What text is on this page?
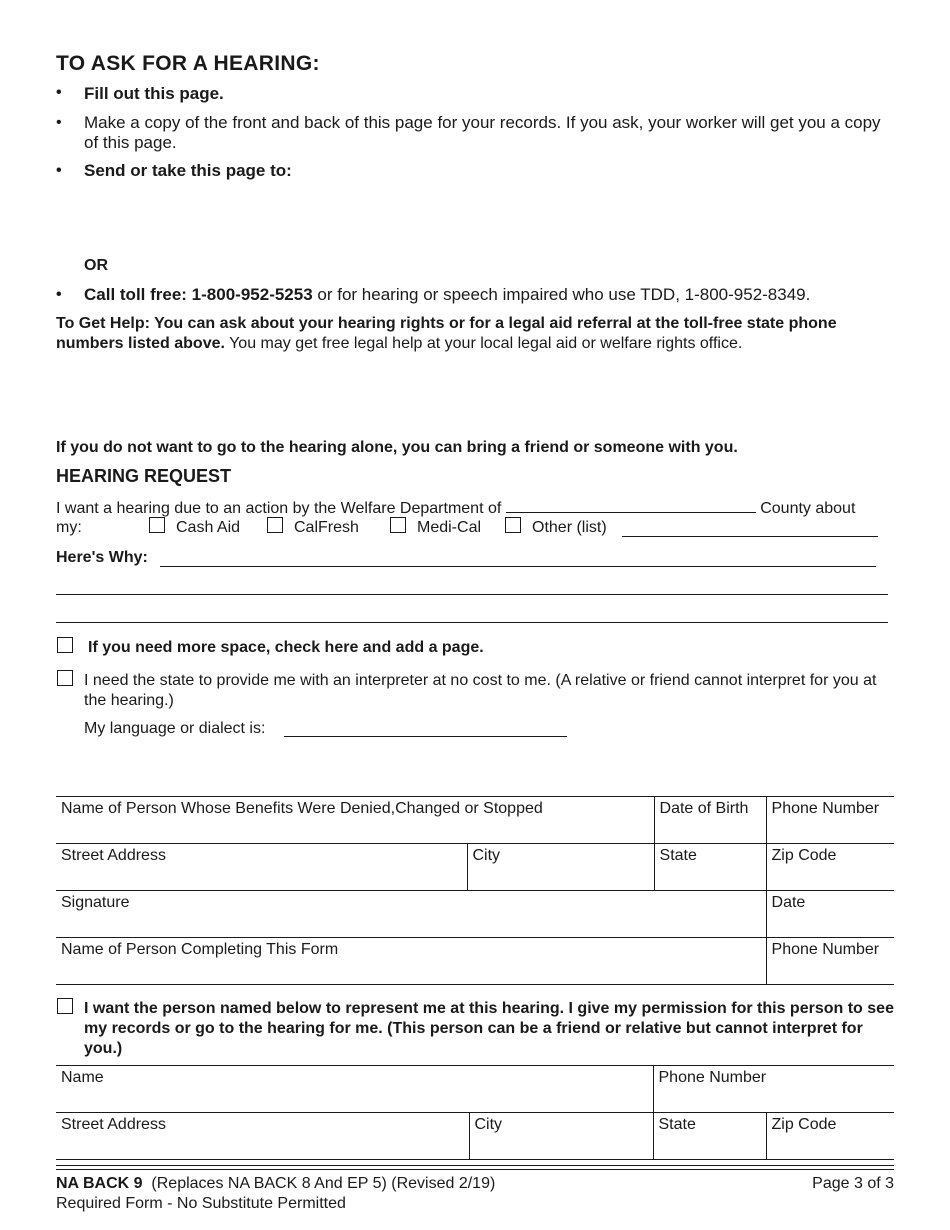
TO ASK FOR A HEARING:
• Fill out this page.
• Make a copy of the front and back of this page for your records. If you ask, your worker will get you a copy of this page.
• Send or take this page to:
OR
• Call toll free: 1-800-952-5253 or for hearing or speech impaired who use TDD, 1-800-952-8349.
To Get Help: You can ask about your hearing rights or for a legal aid referral at the toll-free state phone numbers listed above. You may get free legal help at your local legal aid or welfare rights office.
If you do not want to go to the hearing alone, you can bring a friend or someone with you.
HEARING REQUEST
I want a hearing due to an action by the Welfare Department of	County about
my:	Cash Aid	CalFresh	Medi-Cal	Other (list)
Here's Why:
If you need more space, check here and add a page.
I need the state to provide me with an interpreter at no cost to me. (A relative or friend cannot interpret for you at the hearing.)
My language or dialect is:
Name of Person Whose Benefits Were Denied,Changed or Stopped		Date of Birth	Phone Number
Street Address	City	State	Zip Code
Signature			Date
Name of Person Completing This Form			Phone Number
I want the person named below to represent me at this hearing. I give my permission for this person to see my records or go to the hearing for me. (This person can be a friend or relative but cannot interpret for you.)
Name		Phone Number	
Street Address	City	State	Zip Code
NA BACK 9 (Replaces NA BACK 8 And EP 5) (Revised 2/19)	Page 3 of 3
Required Form - No Substitute Permitted
